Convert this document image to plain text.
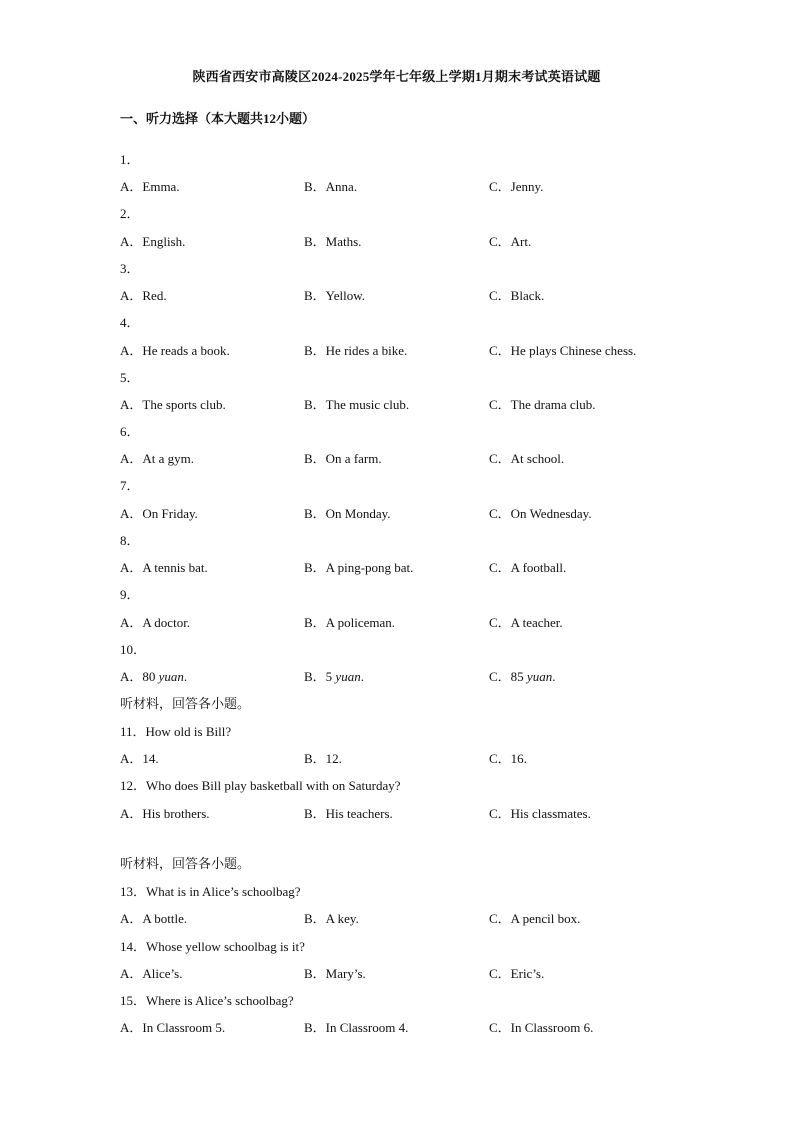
陕西省西安市高陵区2024-2025学年七年级上学期1月期末考试英语试题
一、听力选择（本大题共12小题）
1．
A．Emma.	B．Anna.	C．Jenny.
2．
A．English.	B．Maths.	C．Art.
3．
A．Red.	B．Yellow.	C．Black.
4．
A．He reads a book.	B．He rides a bike.	C．He plays Chinese chess.
5．
A．The sports club.	B．The music club.	C．The drama club.
6．
A．At a gym.	B．On a farm.	C．At school.
7．
A．On Friday.	B．On Monday.	C．On Wednesday.
8．
A．A tennis bat.	B．A ping-pong bat.	C．A football.
9．
A．A doctor.	B．A policeman.	C．A teacher.
10．
A．80 yuan.	B．5 yuan.	C．85 yuan.
听材料，回答各小题。
11．How old is Bill?
A．14.	B．12.	C．16.
12．Who does Bill play basketball with on Saturday?
A．His brothers.	B．His teachers.	C．His classmates.
听材料，回答各小题。
13．What is in Alice’s schoolbag?
A．A bottle.	B．A key.	C．A pencil box.
14．Whose yellow schoolbag is it?
A．Alice’s.	B．Mary’s.	C．Eric’s.
15．Where is Alice’s schoolbag?
A．In Classroom 5.	B．In Classroom 4.	C．In Classroom 6.
